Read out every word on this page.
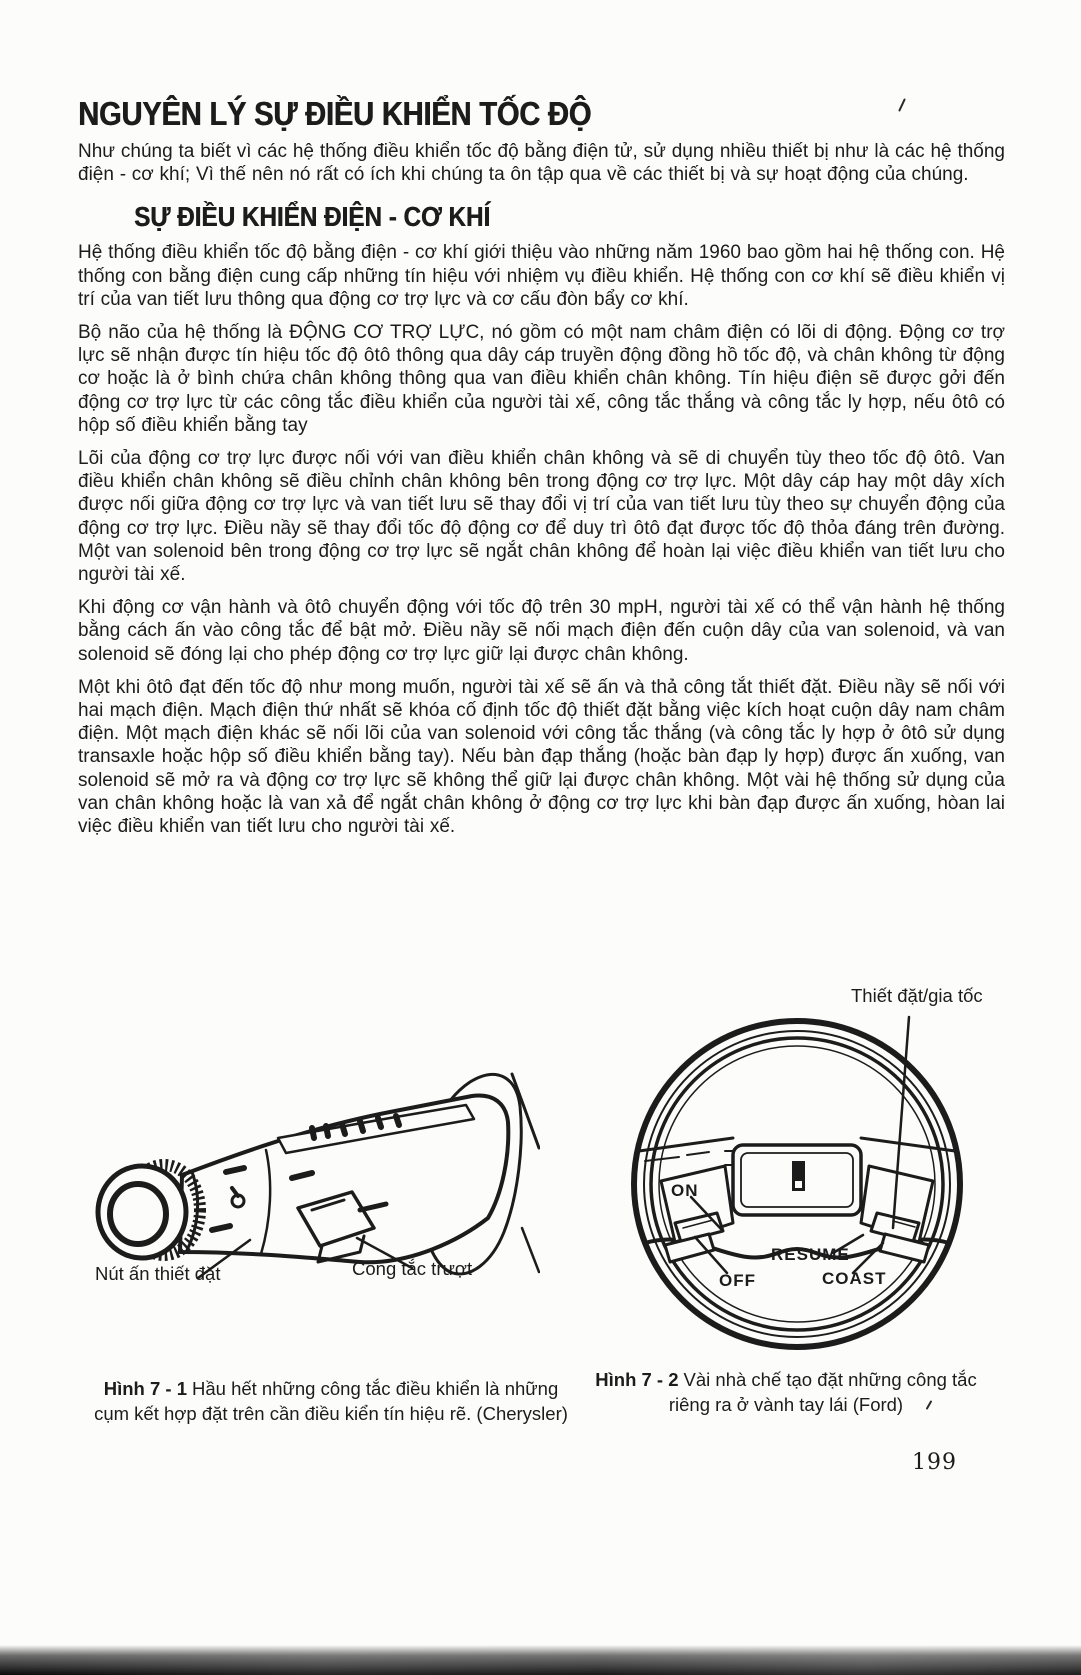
NGUYÊN LÝ SỰ ĐIỀU KHIỂN TỐC ĐỘ

Như chúng ta biết vì các hệ thống điều khiển tốc độ bằng điện tử, sử dụng nhiều thiết bị như là các hệ thống điện - cơ khí; Vì thế nên nó rất có ích khi chúng ta ôn tập qua về các thiết bị và sự hoạt động của chúng.

SỰ ĐIỀU KHIỂN ĐIỆN - CƠ KHÍ

Hệ thống điều khiển tốc độ bằng điện - cơ khí giới thiệu vào những năm 1960 bao gồm hai hệ thống con. Hệ thống con bằng điện cung cấp những tín hiệu với nhiệm vụ điều khiển. Hệ thống con cơ khí sẽ điều khiển vị trí của van tiết lưu thông qua động cơ trợ lực và cơ cấu đòn bẩy cơ khí.

Bộ não của hệ thống là ĐỘNG CƠ TRỢ LỰC, nó gồm có một nam châm điện có lõi di động. Động cơ trợ lực sẽ nhận được tín hiệu tốc độ ôtô thông qua dây cáp truyền động đồng hồ tốc độ, và chân không từ động cơ hoặc là ở bình chứa chân không thông qua van điều khiển chân không. Tín hiệu điện sẽ được gởi đến động cơ trợ lực từ các công tắc điều khiển của người tài xế, công tắc thắng và công tắc ly hợp, nếu ôtô có hộp số điều khiển bằng tay

Lõi của động cơ trợ lực được nối với van điều khiển chân không và sẽ di chuyển tùy theo tốc độ ôtô. Van điều khiển chân không sẽ điều chỉnh chân không bên trong động cơ trợ lực. Một dây cáp hay một dây xích được nối giữa động cơ trợ lực và van tiết lưu sẽ thay đổi vị trí của van tiết lưu tùy theo sự chuyển động của động cơ trợ lực. Điều nầy sẽ thay đổi tốc độ động cơ để duy trì ôtô đạt được tốc độ thỏa đáng trên đường. Một van solenoid bên trong động cơ trợ lực sẽ ngắt chân không để hoàn lại việc điều khiển van tiết lưu cho người tài xế.

Khi động cơ vận hành và ôtô chuyển động với tốc độ trên 30 mpH, người tài xế có thể vận hành hệ thống bằng cách ấn vào công tắc để bật mở. Điều nầy sẽ nối mạch điện đến cuộn dây của van solenoid, và van solenoid sẽ đóng lại cho phép động cơ trợ lực giữ lại được chân không.

Một khi ôtô đạt đến tốc độ như mong muốn, người tài xế sẽ ấn và thả công tắt thiết đặt. Điều nầy sẽ nối với hai mạch điện. Mạch điện thứ nhất sẽ khóa cố định tốc độ thiết đặt bằng việc kích hoạt cuộn dây nam châm điện. Một mạch điện khác sẽ nối lõi của van solenoid với công tắc thắng (và công tắc ly hợp ở ôtô sử dụng transaxle hoặc hộp số điều khiển bằng tay). Nếu bàn đạp thắng (hoặc bàn đạp ly hợp) được ấn xuống, van solenoid sẽ mở ra và động cơ trợ lực sẽ không thể giữ lại được chân không. Một vài hệ thống sử dụng của van chân không hoặc là van xả để ngắt chân không ở động cơ trợ lực khi bàn đạp được ấn xuống, hòan lai việc điều khiển van tiết lưu cho người tài xế.

Nút ấn thiết đặt	Công tắc trượt
Thiết đặt/gia tốc
ON
OFF
RESUME
COAST
Hình 7 - 1 Hầu hết những công tắc điều khiển là những cụm kết hợp đặt trên cần điều kiển tín hiệu rẽ. (Cherysler)
Hình 7 - 2 Vài nhà chế tạo đặt những công tắc riêng ra ở vành tay lái (Ford)
199
